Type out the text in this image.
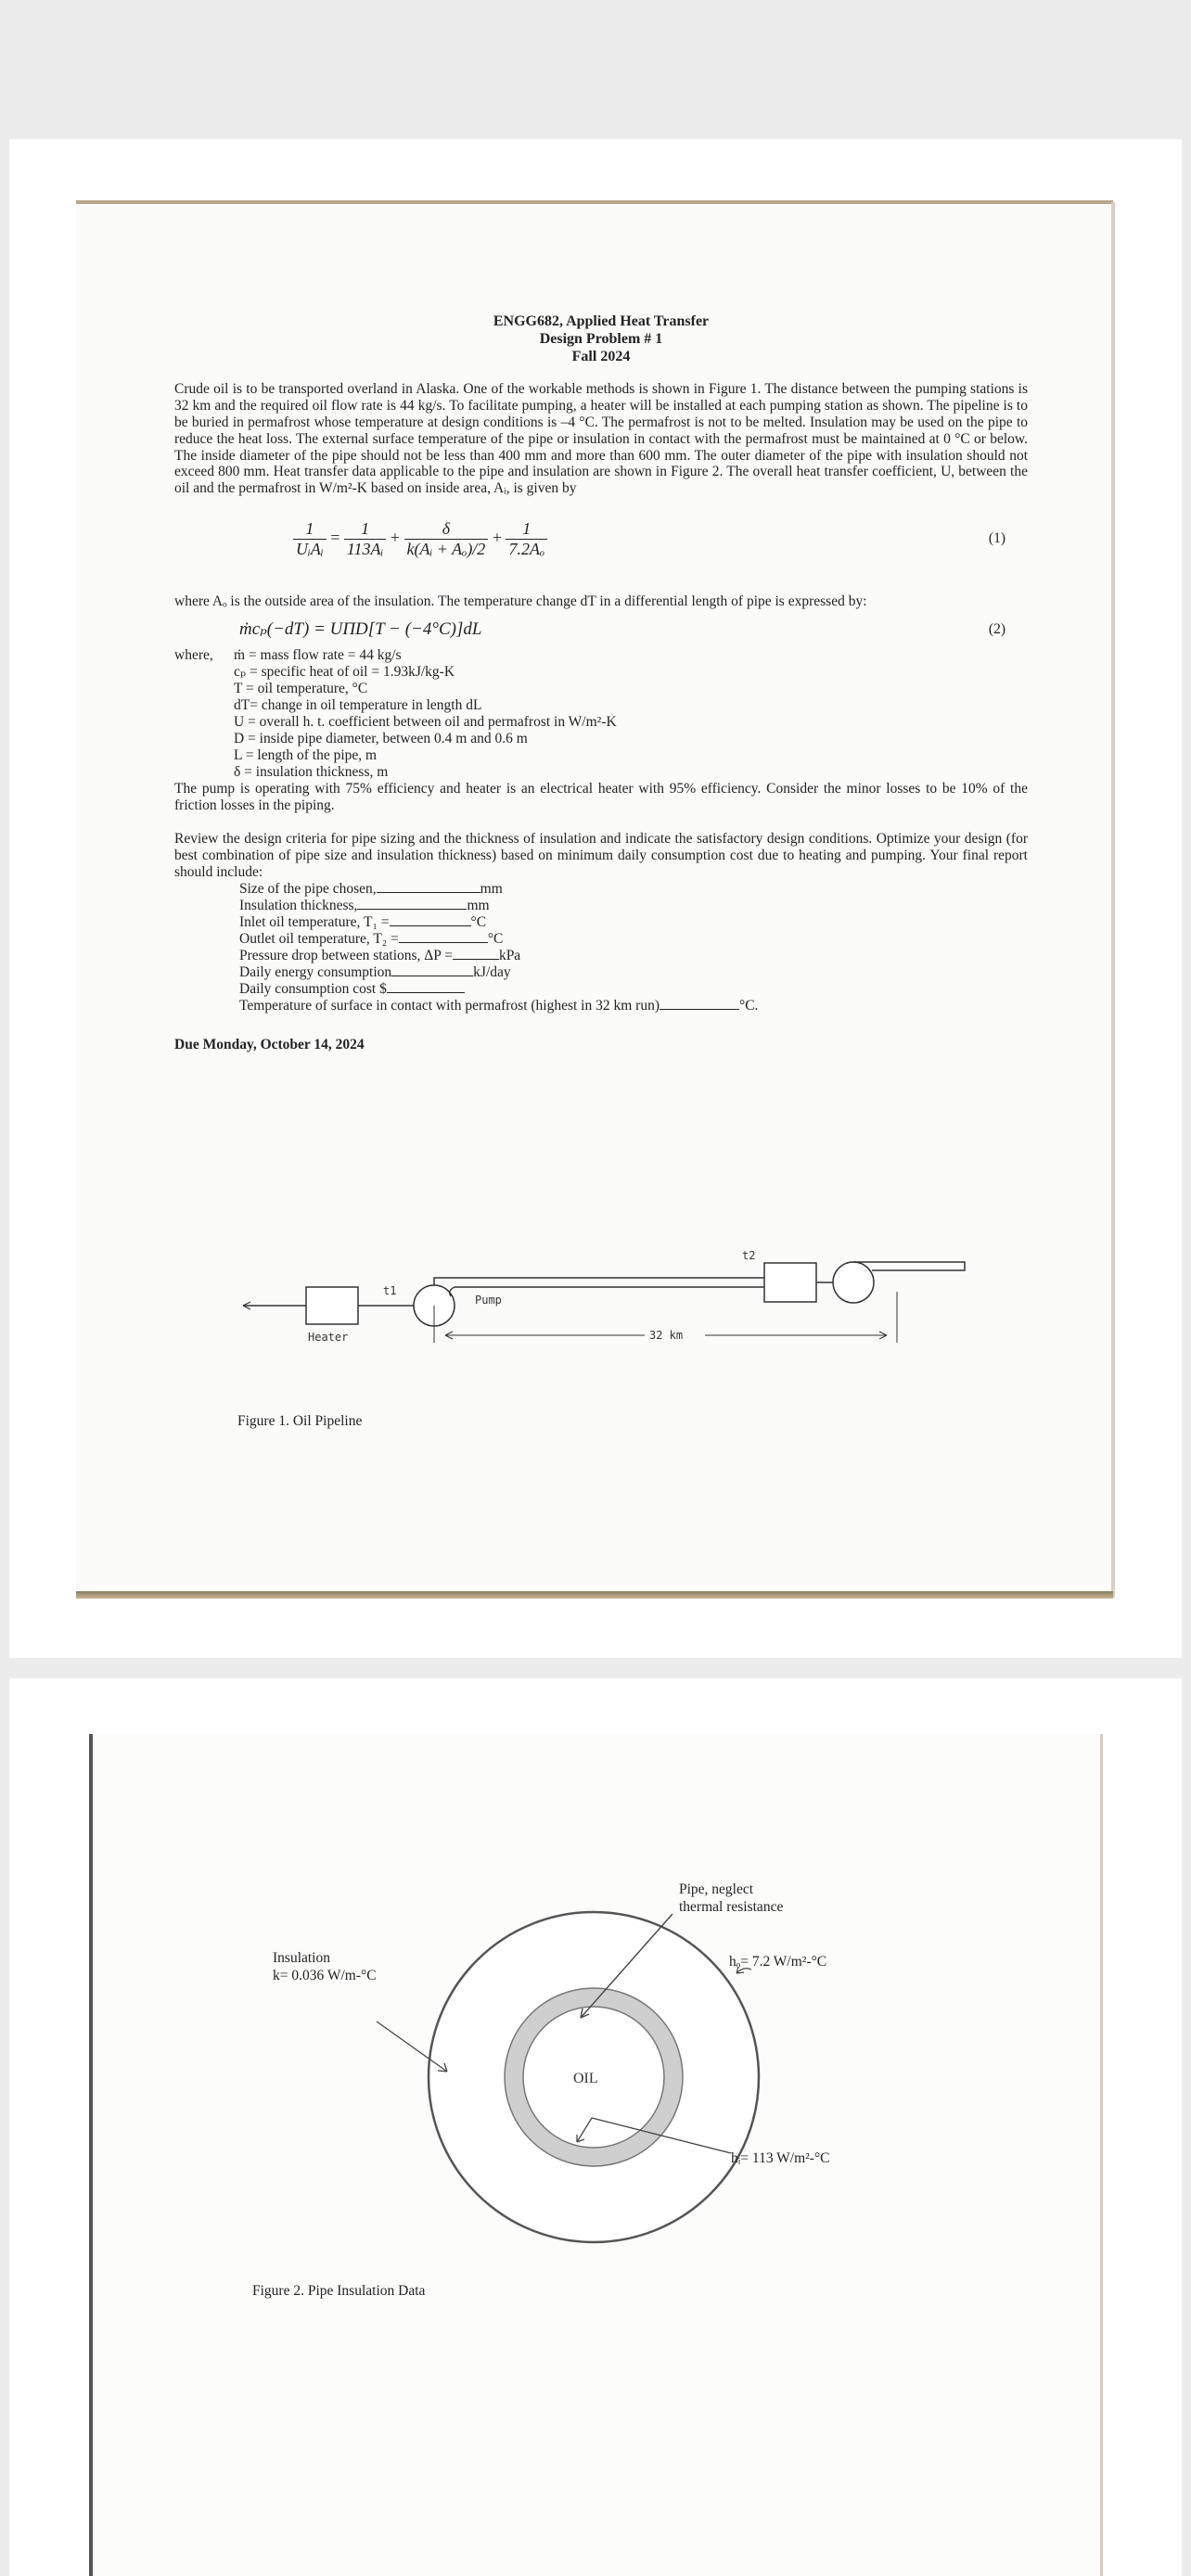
ENGG682, Applied Heat Transfer
Design Problem # 1
Fall 2024

Crude oil is to be transported overland in Alaska. One of the workable methods is shown in Figure 1. The distance between the pumping stations is 32 km and the required oil flow rate is 44 kg/s. To facilitate pumping, a heater will be installed at each pumping station as shown. The pipeline is to be buried in permafrost whose temperature at design conditions is –4 °C. The permafrost is not to be melted. Insulation may be used on the pipe to reduce the heat loss. The external surface temperature of the pipe or insulation in contact with the permafrost must be maintained at 0 °C or below. The inside diameter of the pipe should not be less than 400 mm and more than 600 mm. The outer diameter of the pipe with insulation should not exceed 800 mm. Heat transfer data applicable to the pipe and insulation are shown in Figure 2. The overall heat transfer coefficient, U, between the oil and the permafrost in W/m²-K based on inside area, Aᵢ, is given by

$\frac{1}{\text{UᵢAᵢ}} = \frac{1}{\text{113Aᵢ}} + \frac{\delta}{\text{k(Aᵢ + Aₒ)/2}} + \frac{1}{\text{7.2Aₒ}}$	(1)

where Aₒ is the outside area of the insulation. The temperature change dT in a differential length of pipe is expressed by:

ṁcₚ(−dT) = UΠD[T − (−4°C)]dL	(2)
where, ṁ = mass flow rate = 44 kg/s
cₚ = specific heat of oil = 1.93kJ/kg-K
T = oil temperature, °C
dT= change in oil temperature in length dL
U = overall h. t. coefficient between oil and permafrost in W/m²-K
D = inside pipe diameter, between 0.4 m and 0.6 m
L = length of the pipe, m
δ = insulation thickness, m

The pump is operating with 75% efficiency and heater is an electrical heater with 95% efficiency. Consider the minor losses to be 10% of the friction losses in the piping.

Review the design criteria for pipe sizing and the thickness of insulation and indicate the satisfactory design conditions. Optimize your design (for best combination of pipe size and insulation thickness) based on minimum daily consumption cost due to heating and pumping. Your final report should include:

Size of the pipe chosen,	mm
Insulation thickness,	mm
Inlet oil temperature, T₁ =	°C
Outlet oil temperature, T₂ =	°C
Pressure drop between stations, ΔP =	kPa
Daily energy consumption	kJ/day
Daily consumption cost $
Temperature of surface in contact with permafrost (highest in 32 km run)	°C.
Due Monday, October 14, 2024
t1
t2
Pump
Heater	32 km
Figure 1. Oil Pipeline
OIL
Pipe, neglect
thermal resistance
Insulation
k= 0.036 W/m-°C
hₒ= 7.2 W/m²-°C
hᵢ= 113 W/m²-°C
Figure 2. Pipe Insulation Data
